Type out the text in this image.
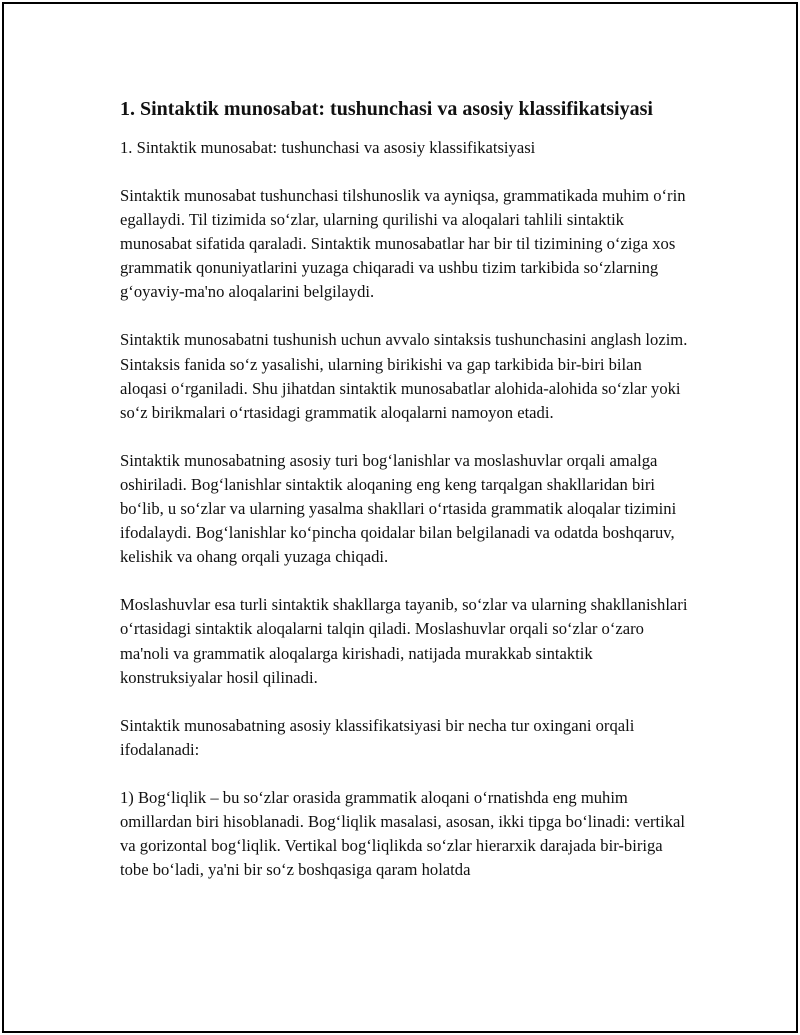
1. Sintaktik munosabat: tushunchasi va asosiy klassifikatsiyasi

1. Sintaktik munosabat: tushunchasi va asosiy klassifikatsiyasi

Sintaktik munosabat tushunchasi tilshunoslik va ayniqsa, grammatikada muhim o‘rin egallaydi. Til tizimida so‘zlar, ularning qurilishi va aloqalari tahlili sintaktik munosabat sifatida qaraladi. Sintaktik munosabatlar har bir til tizimining o‘ziga xos grammatik qonuniyatlarini yuzaga chiqaradi va ushbu tizim tarkibida so‘zlarning g‘oyaviy-ma'no aloqalarini belgilaydi.

Sintaktik munosabatni tushunish uchun avvalo sintaksis tushunchasini anglash lozim. Sintaksis fanida so‘z yasalishi, ularning birikishi va gap tarkibida bir-biri bilan aloqasi o‘rganiladi. Shu jihatdan sintaktik munosabatlar alohida-alohida so‘zlar yoki so‘z birikmalari o‘rtasidagi grammatik aloqalarni namoyon etadi.

Sintaktik munosabatning asosiy turi bog‘lanishlar va moslashuvlar orqali amalga oshiriladi. Bog‘lanishlar sintaktik aloqaning eng keng tarqalgan shakllaridan biri bo‘lib, u so‘zlar va ularning yasalma shakllari o‘rtasida grammatik aloqalar tizimini ifodalaydi. Bog‘lanishlar ko‘pincha qoidalar bilan belgilanadi va odatda boshqaruv, kelishik va ohang orqali yuzaga chiqadi.

Moslashuvlar esa turli sintaktik shakllarga tayanib, so‘zlar va ularning shakllanishlari o‘rtasidagi sintaktik aloqalarni talqin qiladi. Moslashuvlar orqali so‘zlar o‘zaro ma'noli va grammatik aloqalarga kirishadi, natijada murakkab sintaktik konstruksiyalar hosil qilinadi.

Sintaktik munosabatning asosiy klassifikatsiyasi bir necha tur oxingani orqali ifodalanadi:

1) Bog‘liqlik – bu so‘zlar orasida grammatik aloqani o‘rnatishda eng muhim omillardan biri hisoblanadi. Bog‘liqlik masalasi, asosan, ikki tipga bo‘linadi: vertikal va gorizontal bog‘liqlik. Vertikal bog‘liqlikda so‘zlar hierarxik darajada bir-biriga tobe bo‘ladi, ya'ni bir so‘z boshqasiga qaram holatda
